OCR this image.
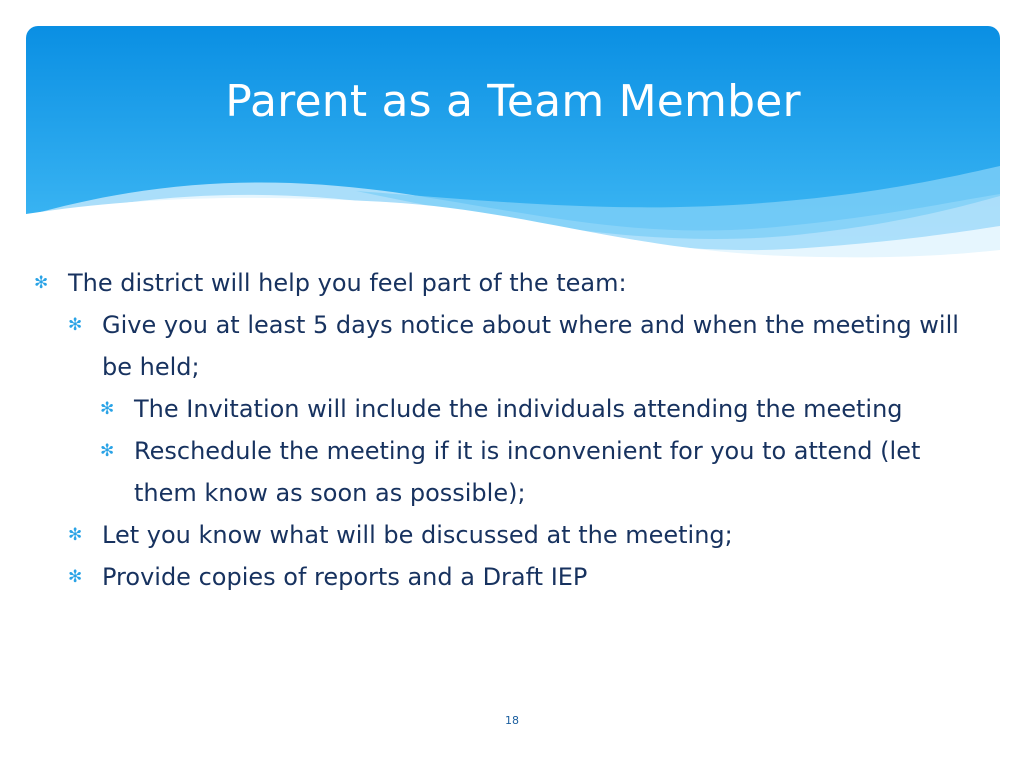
Parent as a Team Member
✻ The district will help you feel part of the team:
✻ Give you at least 5 days notice about where and when the meeting will be held;
✻ The Invitation will include the individuals attending the meeting
✻ Reschedule the meeting if it is inconvenient for you to attend (let them know as soon as possible);
✻ Let you know what will be discussed at the meeting;
✻ Provide copies of reports and a Draft IEP
18
